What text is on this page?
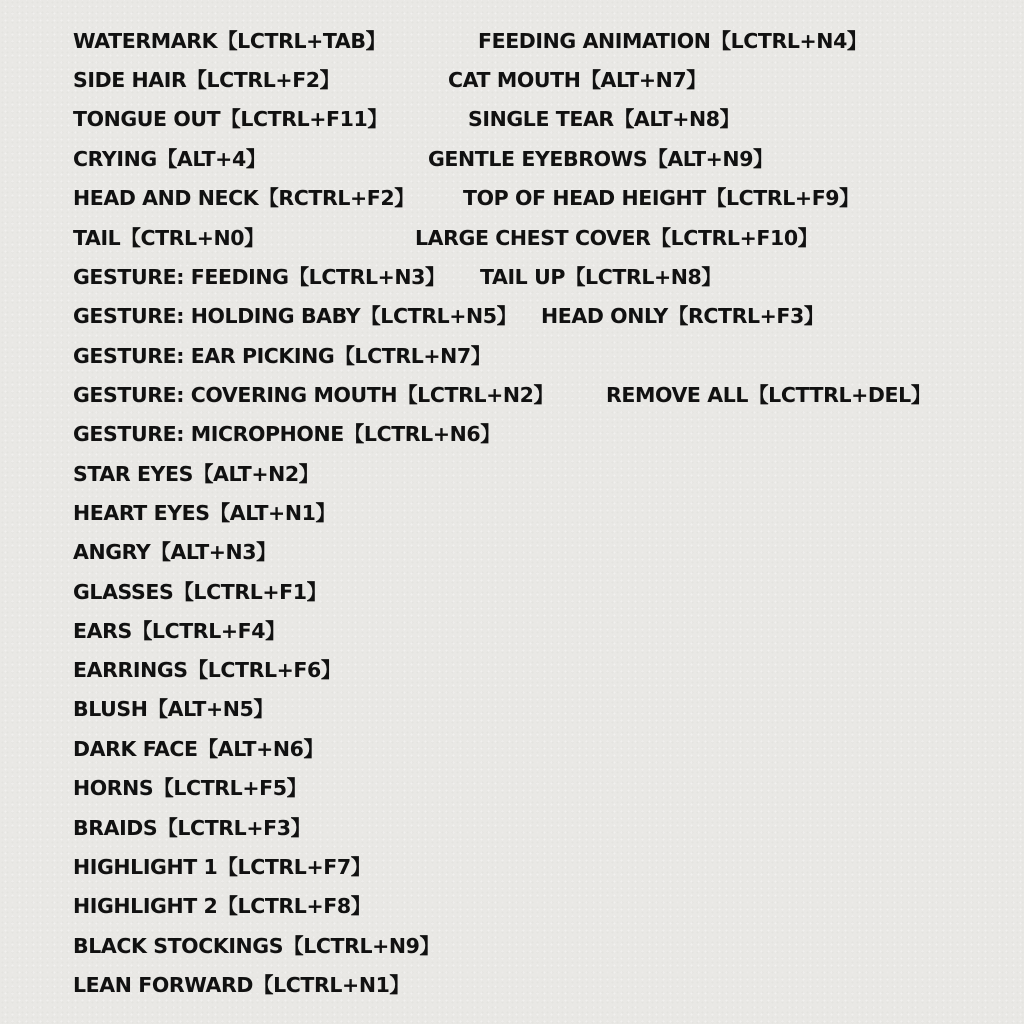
WATERMARK【LCTRL+TAB】	FEEDING ANIMATION【LCTRL+N4】
SIDE HAIR【LCTRL+F2】	CAT MOUTH【ALT+N7】
TONGUE OUT【LCTRL+F11】	SINGLE TEAR【ALT+N8】
CRYING【ALT+4】	GENTLE EYEBROWS【ALT+N9】
HEAD AND NECK【RCTRL+F2】 TOP OF HEAD HEIGHT【LCTRL+F9】
TAIL【CTRL+N0】	LARGE CHEST COVER【LCTRL+F10】
GESTURE: FEEDING【LCTRL+N3】 TAIL UP【LCTRL+N8】
GESTURE: HOLDING BABY【LCTRL+N5】 HEAD ONLY【RCTRL+F3】
GESTURE: EAR PICKING【LCTRL+N7】
GESTURE: COVERING MOUTH【LCTRL+N2】	REMOVE ALL【LCTTRL+DEL】
GESTURE: MICROPHONE【LCTRL+N6】
STAR EYES【ALT+N2】
HEART EYES【ALT+N1】
ANGRY【ALT+N3】
GLASSES【LCTRL+F1】
EARS【LCTRL+F4】
EARRINGS【LCTRL+F6】
BLUSH【ALT+N5】
DARK FACE【ALT+N6】
HORNS【LCTRL+F5】
BRAIDS【LCTRL+F3】
HIGHLIGHT 1【LCTRL+F7】
HIGHLIGHT 2【LCTRL+F8】
BLACK STOCKINGS【LCTRL+N9】
LEAN FORWARD【LCTRL+N1】
